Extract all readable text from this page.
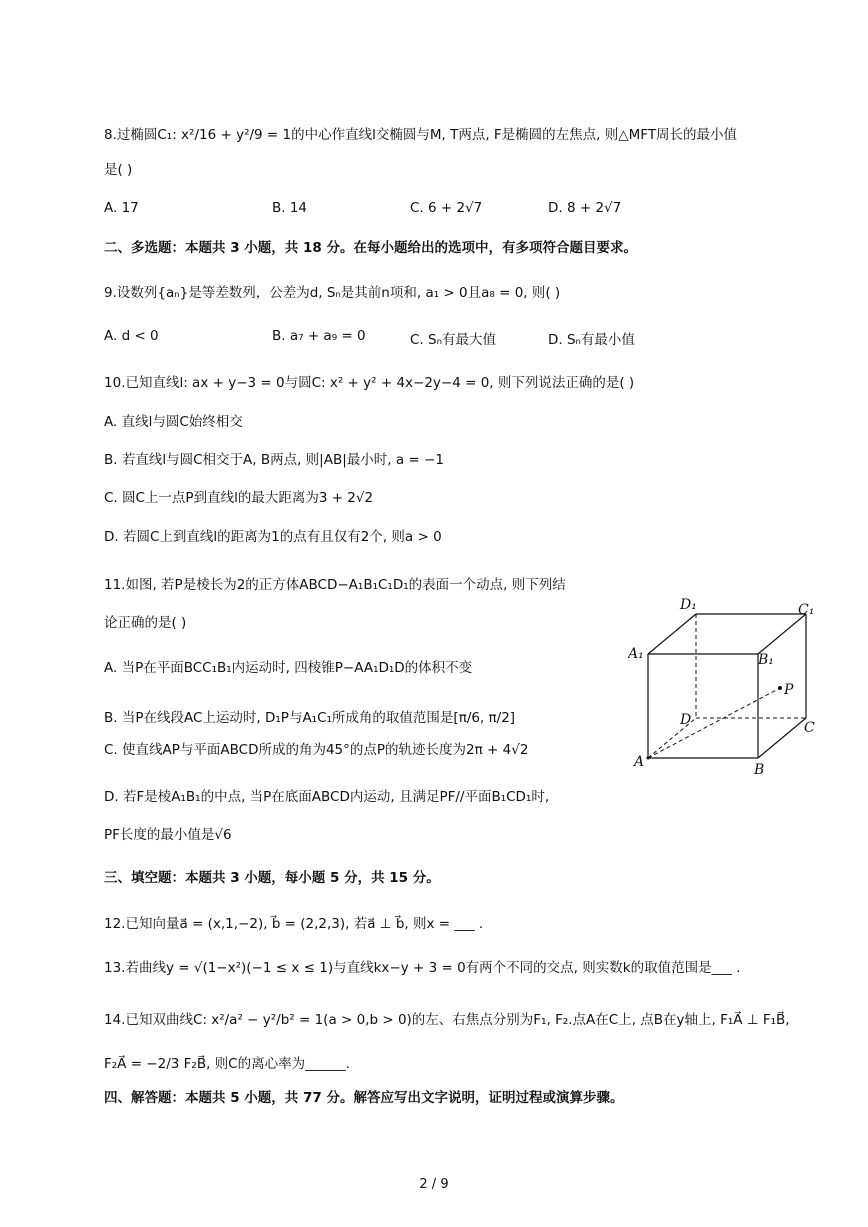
8.过椭圆C₁: x²/16 + y²/9 = 1的中心作直线l交椭圆与M, T两点, F是椭圆的左焦点, 则△MFT周长的最小值
是( )
A. 17	B. 14	C. 6 + 2√7	D. 8 + 2√7
二、多选题：本题共 3 小题，共 18 分。在每小题给出的选项中，有多项符合题目要求。
9.设数列{aₙ}是等差数列，公差为d, Sₙ是其前n项和, a₁ > 0且a₈ = 0, 则( )
A. d < 0	B. a₇ + a₉ = 0	C. Sₙ有最大值	D. Sₙ有最小值
10.已知直线l: ax + y−3 = 0与圆C: x² + y² + 4x−2y−4 = 0, 则下列说法正确的是( )
A. 直线l与圆C始终相交
B. 若直线l与圆C相交于A, B两点, 则|AB|最小时, a = −1
C. 圆C上一点P到直线l的最大距离为3 + 2√2
D. 若圆C上到直线l的距离为1的点有且仅有2个, 则a > 0
11.如图, 若P是棱长为2的正方体ABCD−A₁B₁C₁D₁的表面一个动点, 则下列结
论正确的是( )
A. 当P在平面BCC₁B₁内运动时, 四棱锥P−AA₁D₁D的体积不变
B. 当P在线段AC上运动时, D₁P与A₁C₁所成角的取值范围是[π/6, π/2]
C. 使直线AP与平面ABCD所成的角为45°的点P的轨迹长度为2π + 4√2
D. 若F是棱A₁B₁的中点, 当P在底面ABCD内运动, 且满足PF//平面B₁CD₁时,
PF长度的最小值是√6
D₁	C₁
A₁	B₁
P
D	C
A	B
三、填空题：本题共 3 小题，每小题 5 分，共 15 分。
12.已知向量a⃗ = (x,1,−2), b⃗ = (2,2,3), 若a⃗ ⊥ b⃗, 则x = ___ .
13.若曲线y = √(1−x²)(−1 ≤ x ≤ 1)与直线kx−y + 3 = 0有两个不同的交点, 则实数k的取值范围是___ .
14.已知双曲线C: x²/a² − y²/b² = 1(a > 0,b > 0)的左、右焦点分别为F₁, F₂.点A在C上, 点B在y轴上, F₁A⃗ ⊥ F₁B⃗,
F₂A⃗ = −2/3 F₂B⃗, 则C的离心率为______.
四、解答题：本题共 5 小题，共 77 分。解答应写出文字说明，证明过程或演算步骤。
2 / 9
